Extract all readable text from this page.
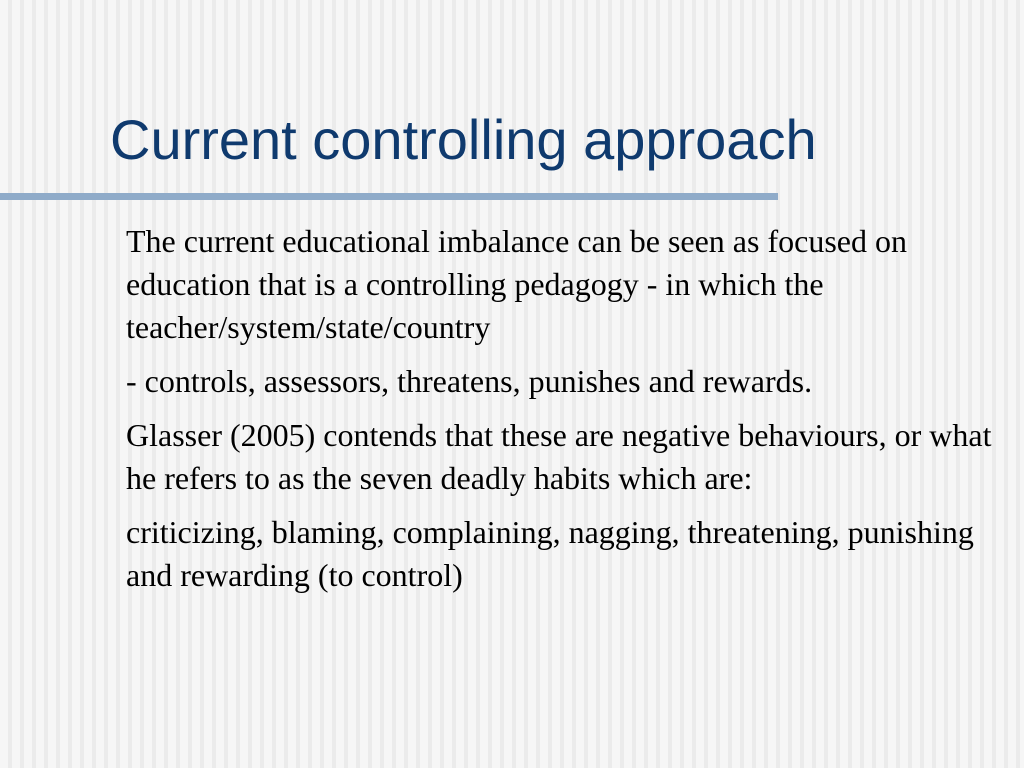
Current controlling approach

The current educational imbalance can be seen as focused on education that is a controlling pedagogy - in which the teacher/system/state/country

- controls, assessors, threatens, punishes and rewards.

Glasser (2005) contends that these are negative behaviours, or what he refers to as the seven deadly habits which are:

criticizing, blaming, complaining, nagging, threatening, punishing and rewarding (to control)
